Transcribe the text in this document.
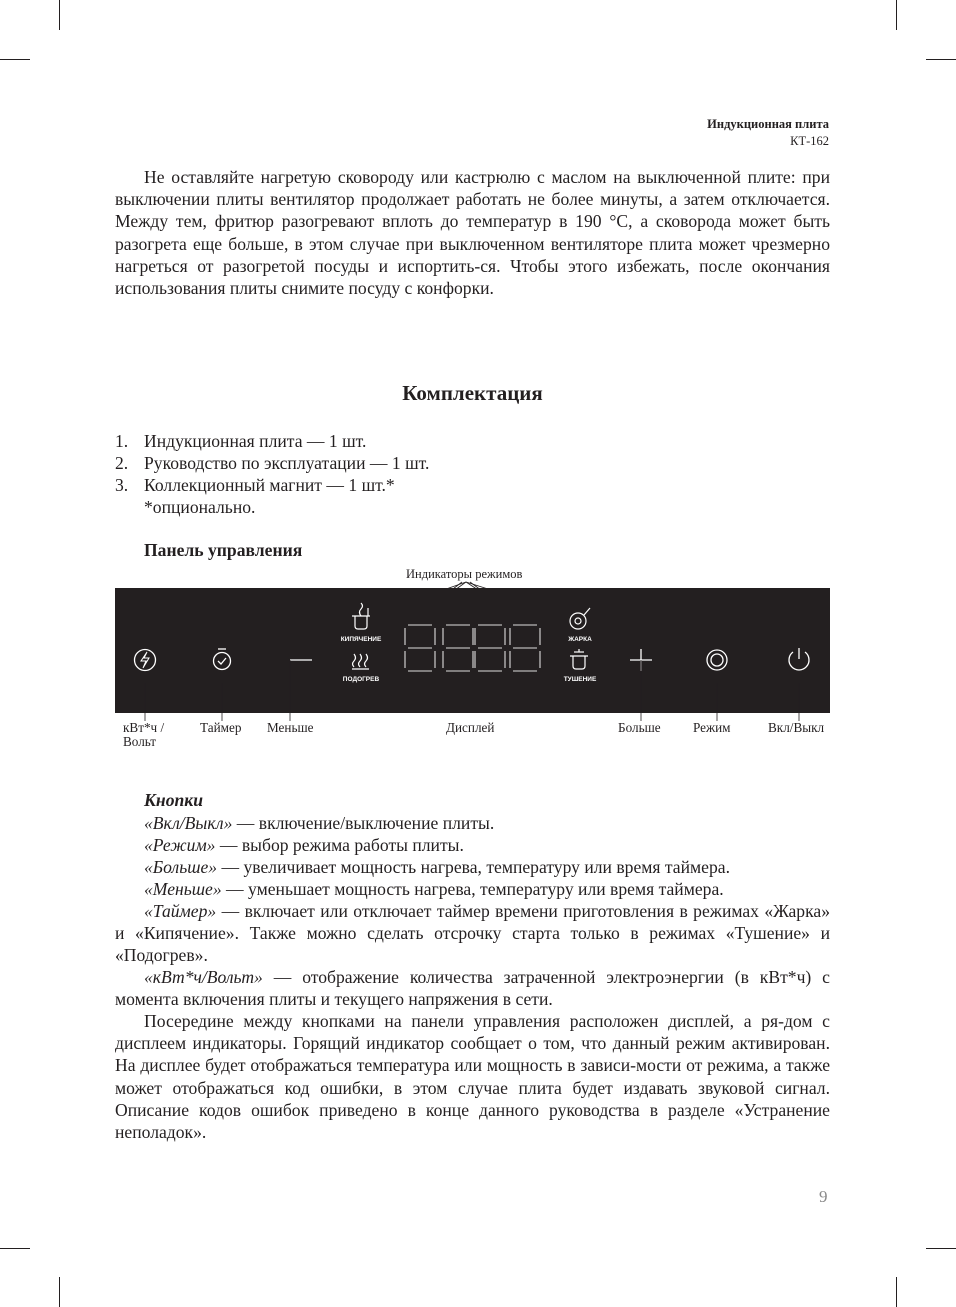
Индукционная плита
КТ-162

Не оставляйте нагретую сковороду или кастрюлю с маслом на выключенной плите: при выключении плиты вентилятор продолжает работать не более минуты, а затем отключается. Между тем, фритюр разогревают вплоть до температур в 190 °С, а сковорода может быть разогрета еще больше, в этом случае при выключенном вентиляторе плита может чрезмерно нагреться от разогретой посуды и испортить-ся. Чтобы этого избежать, после окончания использования плиты снимите посуду с конфорки.

Комплектация
1. Индукционная плита — 1 шт.
2. Руководство по эксплуатации — 1 шт.
3. Коллекционный магнит — 1 шт.*
*опционально.
Панель управления
Индикаторы режимов
КИПЯЧЕНИЕ
ПОДОГРЕВ
ЖАРКА
ТУШЕНИЕ
кВт*ч /
Вольт
Таймер Меньше	Дисплей	Больше Режим	Вкл/Выкл
Кнопки

«Вкл/Выкл» — включение/выключение плиты.

«Режим» — выбор режима работы плиты.

«Больше» — увеличивает мощность нагрева, температуру или время таймера.

«Меньше» — уменьшает мощность нагрева, температуру или время таймера.

«Таймер» — включает или отключает таймер времени приготовления в режимах «Жарка» и «Кипячение». Также можно сделать отсрочку старта только в режимах «Тушение» и «Подогрев».

«кВт*ч/Вольт» — отображение количества затраченной электроэнергии (в кВт*ч) с момента включения плиты и текущего напряжения в сети.

Посередине между кнопками на панели управления расположен дисплей, а ря-дом с дисплеем индикаторы. Горящий индикатор сообщает о том, что данный режим активирован. На дисплее будет отображаться температура или мощность в зависи-мости от режима, а также может отображаться код ошибки, в этом случае плита будет издавать звуковой сигнал. Описание кодов ошибок приведено в конце данного руководства в разделе «Устранение неполадок».

9
